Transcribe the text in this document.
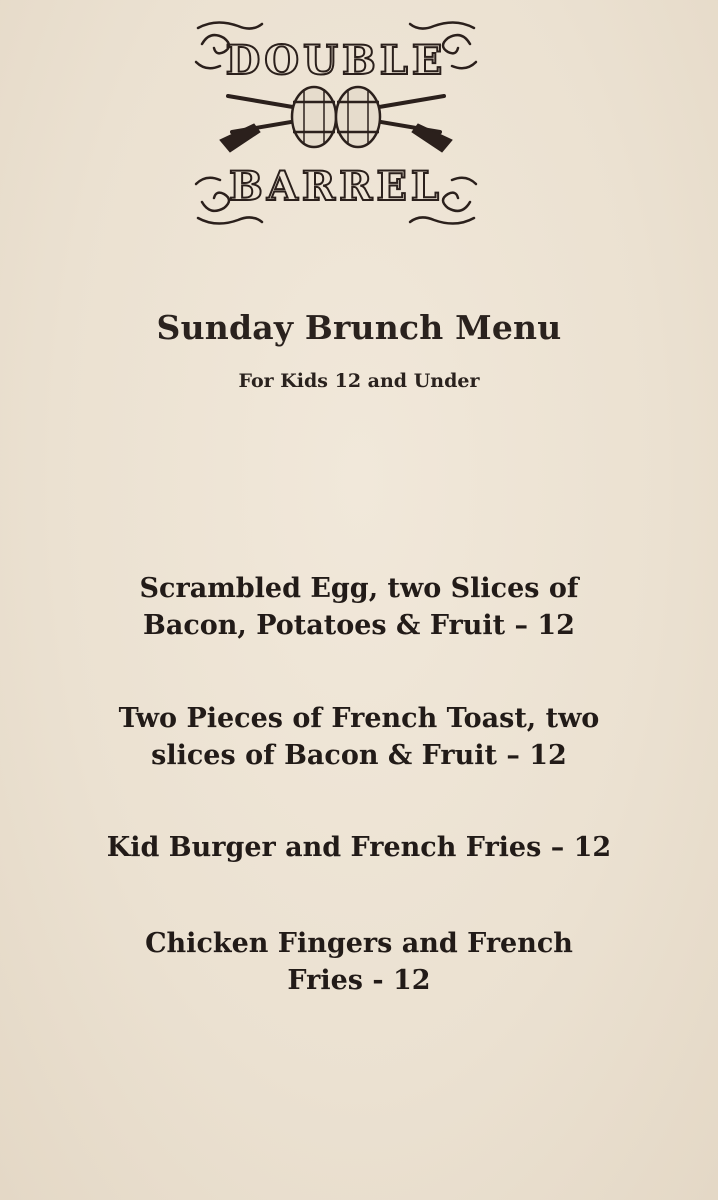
DOUBLE
BARREL
Sunday Brunch Menu
For Kids 12 and Under
Scrambled Egg, two Slices of
Bacon, Potatoes & Fruit – 12
Two Pieces of French Toast, two
slices of Bacon & Fruit – 12
Kid Burger and French Fries – 12
Chicken Fingers and French
Fries - 12
